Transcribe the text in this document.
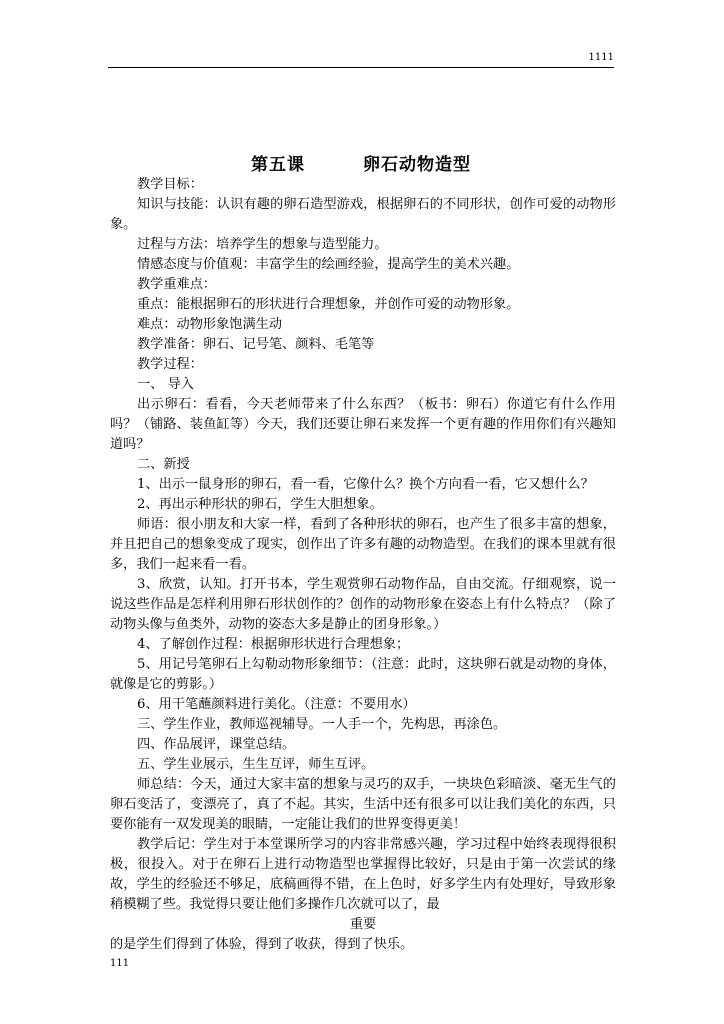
1111
第五课	卵石动物造型

教学目标：

知识与技能：认识有趣的卵石造型游戏，根据卵石的不同形状，创作可爱的动物形象。

过程与方法：培养学生的想象与造型能力。

情感态度与价值观：丰富学生的绘画经验，提高学生的美术兴趣。

教学重难点：

重点：能根据卵石的形状进行合理想象，并创作可爱的动物形象。

难点：动物形象饱满生动

教学准备：卵石、记号笔、颜料、毛笔等

教学过程：

一、 导入

出示卵石：看看，今天老师带来了什么东西？（板书：卵石）你道它有什么作用吗？（铺路、装鱼缸等）今天，我们还要让卵石来发挥一个更有趣的作用你们有兴趣知道吗？

二、新授

1、出示一鼠身形的卵石，看一看，它像什么？换个方向看一看，它又想什么？

2、再出示种形状的卵石，学生大胆想象。

师语：很小朋友和大家一样，看到了各种形状的卵石，也产生了很多丰富的想象，并且把自己的想象变成了现实，创作出了许多有趣的动物造型。在我们的课本里就有很多，我们一起来看一看。

3、欣赏，认知。打开书本，学生观赏卵石动物作品，自由交流。仔细观察，说一说这些作品是怎样利用卵石形状创作的？创作的动物形象在姿态上有什么特点？（除了动物头像与鱼类外，动物的姿态大多是静止的团身形象。）

4、了解创作过程：根据卵形状进行合理想象；

5、用记号笔卵石上勾勒动物形象细节：（注意：此时，这块卵石就是动物的身体，就像是它的剪影。）

6、用干笔蘸颜料进行美化。（注意：不要用水）

三、学生作业，教师巡视辅导。一人手一个，先构思，再涂色。

四、作品展评，课堂总结。

五、学生业展示，生生互评，师生互评。

师总结：今天，通过大家丰富的想象与灵巧的双手，一块块色彩暗淡、毫无生气的卵石变活了，变漂亮了，真了不起。其实，生活中还有很多可以让我们美化的东西，只要你能有一双发现美的眼睛，一定能让我们的世界变得更美！

教学后记：学生对于本堂课所学习的内容非常感兴趣，学习过程中始终表现得很积极，很投入。对于在卵石上进行动物造型也掌握得比较好，只是由于第一次尝试的缘故，学生的经验还不够足，底稿画得不错，在上色时，好多学生内有处理好，导致形象稍模糊了些。我觉得只要让他们多操作几次就可以了，最

重要

的是学生们得到了体验，得到了收获，得到了快乐。

111
